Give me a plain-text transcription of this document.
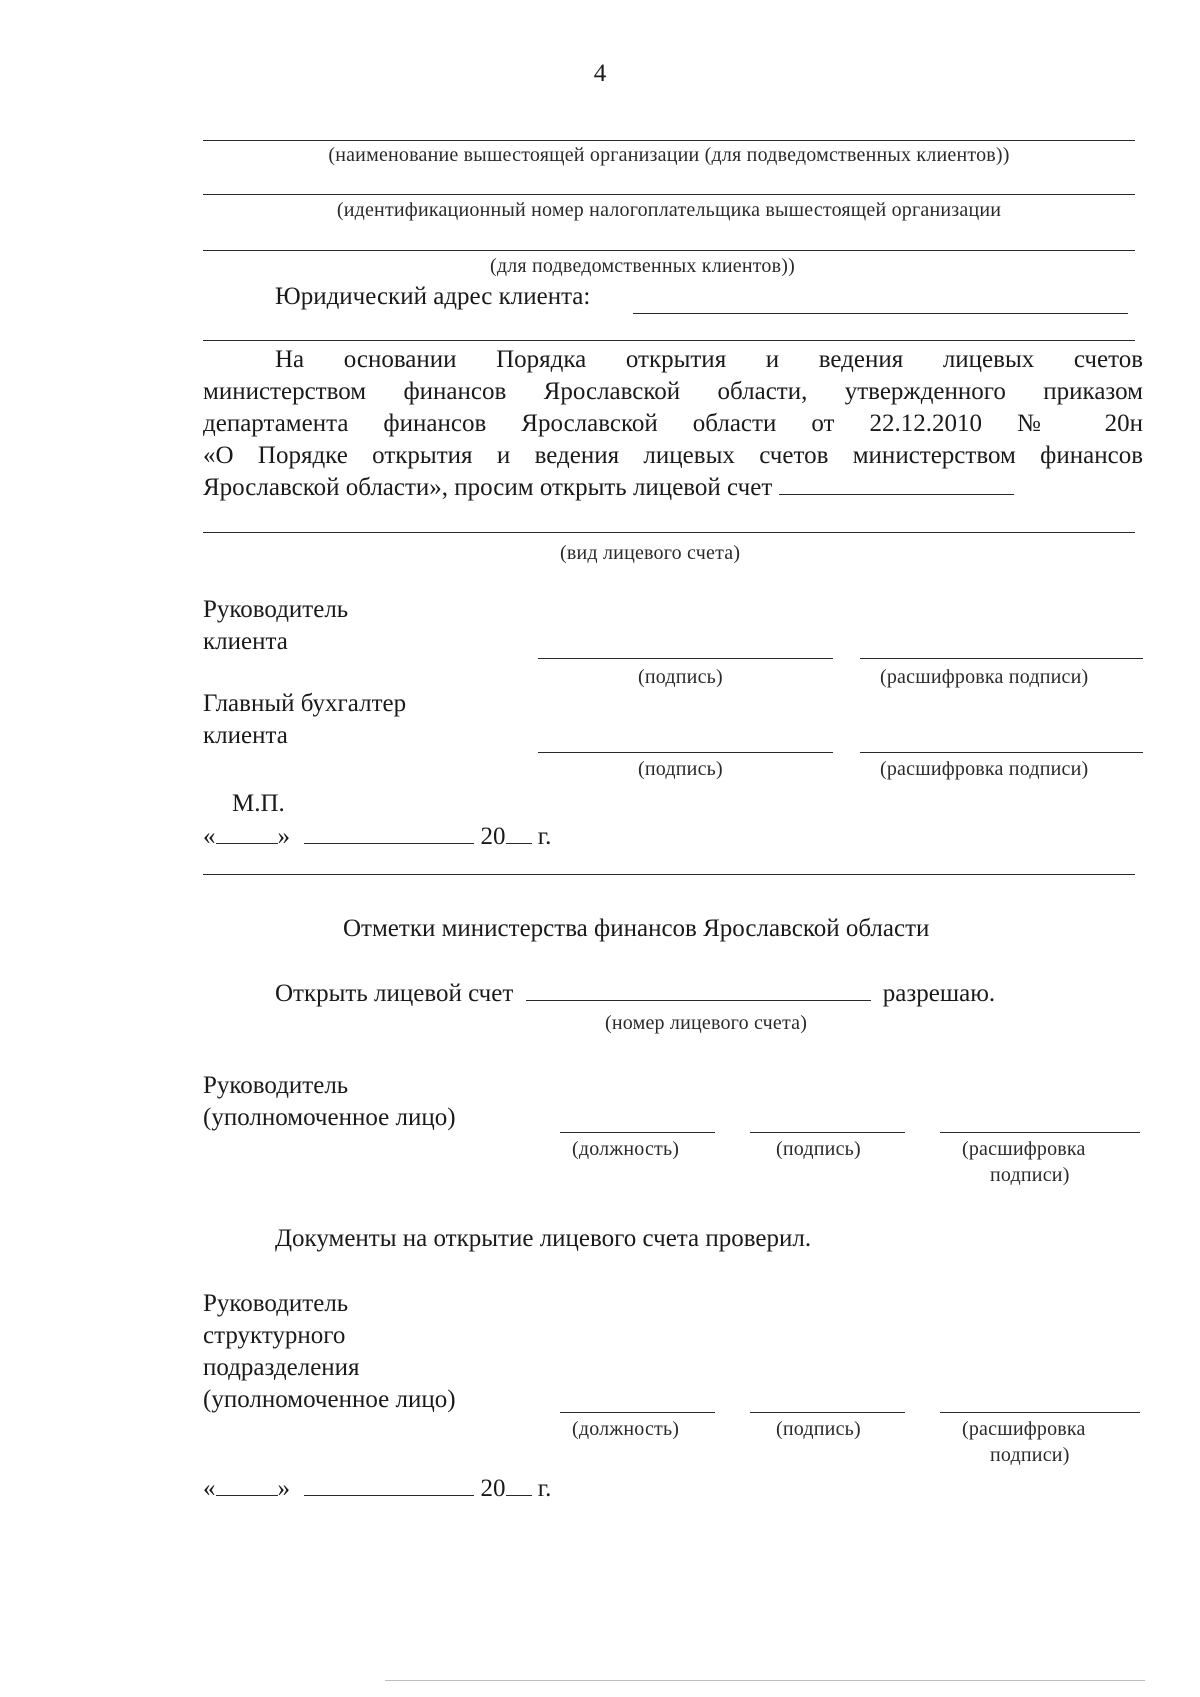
4
(наименование вышестоящей организации (для подведомственных клиентов))
(идентификационный номер налогоплательщика вышестоящей организации
(для подведомственных клиентов))
Юридический адрес клиента:
На основании Порядка открытия и ведения лицевых счетов
министерством финансов Ярославской области, утвержденного приказом
департамента финансов Ярославской области от 22.12.2010 № 20н
«О Порядке открытия и ведения лицевых счетов министерством финансов
Ярославской области», просим открыть лицевой счет
(вид лицевого счета)
Руководитель
клиента
(подпись)	(расшифровка подписи)
Главный бухгалтер
клиента
(подпись)	(расшифровка подписи)
М.П.
« »	20 г.
Отметки министерства финансов Ярославской области
Открыть лицевой счет	разрешаю.
(номер лицевого счета)
Руководитель
(уполномоченное лицо)
(должность)	(подпись)	(расшифровка
подписи)
Документы на открытие лицевого счета проверил.
Руководитель
структурного
подразделения
(уполномоченное лицо)
(должность)	(подпись)	(расшифровка
подписи)
« »	20 г.
